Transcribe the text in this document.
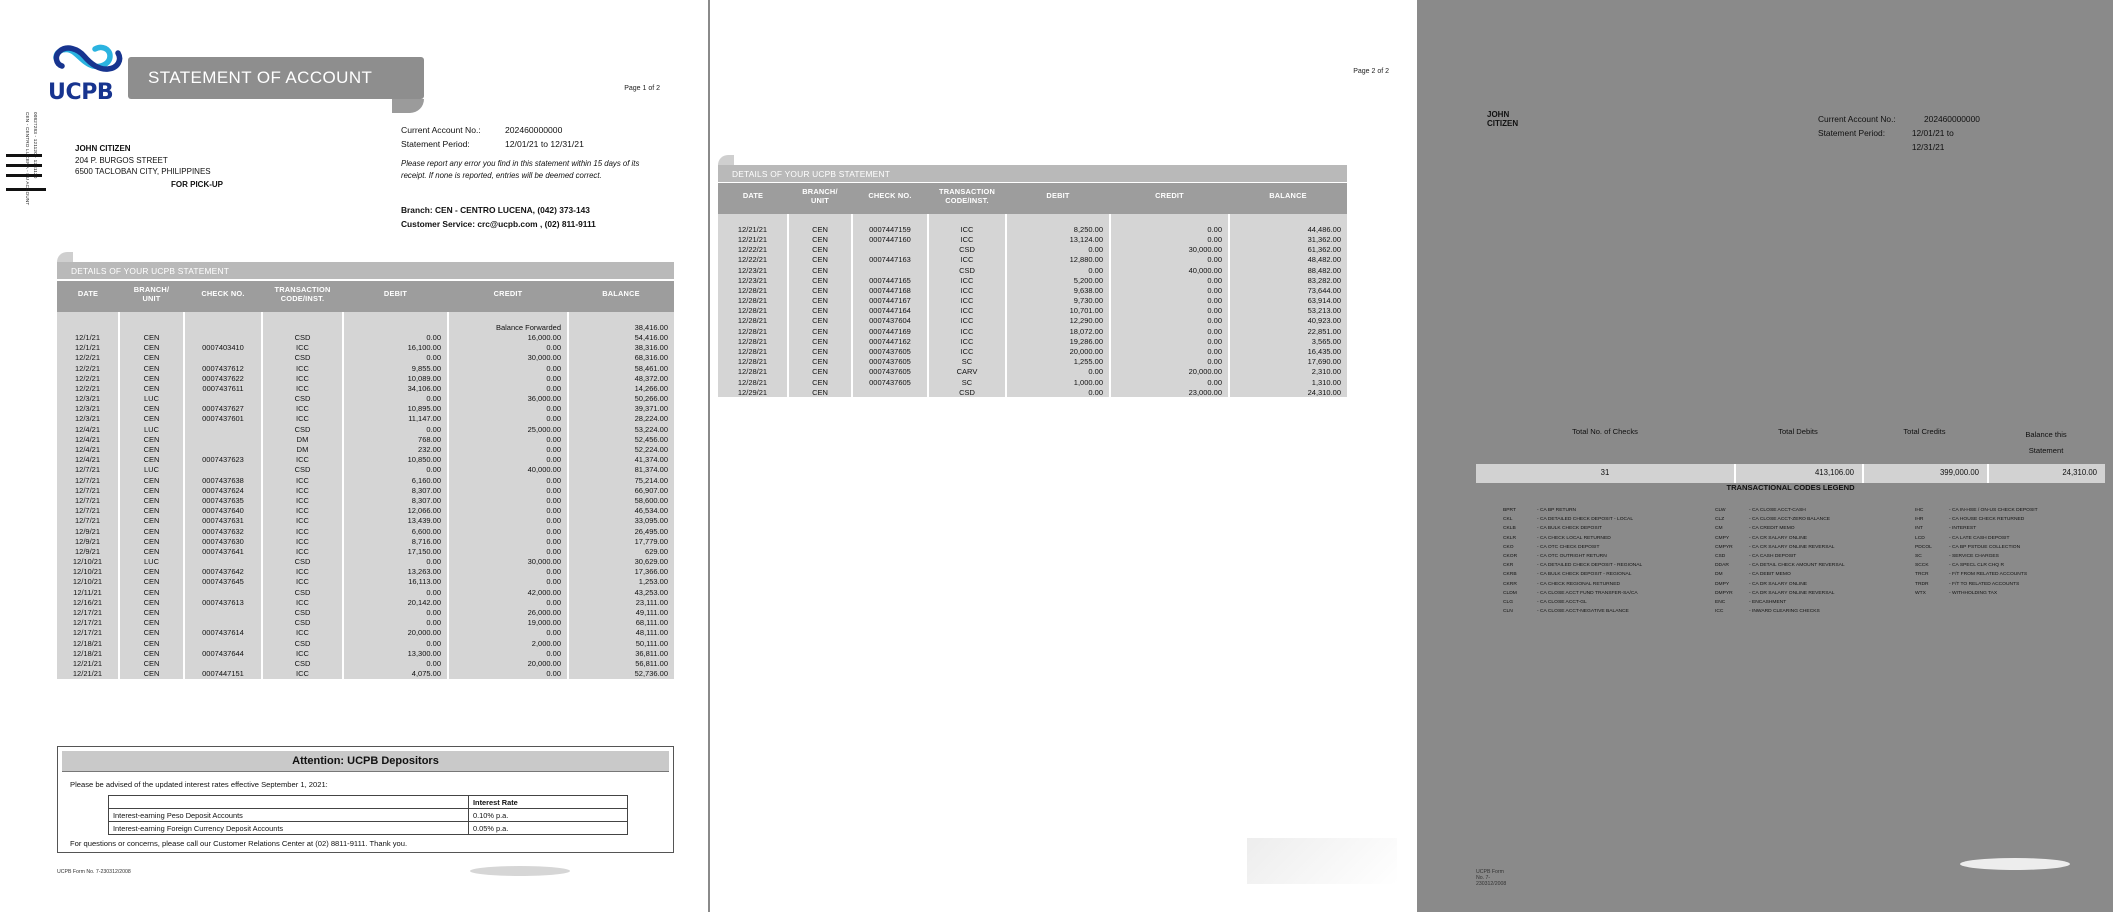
CEN - CENTRO LUCENA - PU ACCOUNT 00827283 - 121120 - 1231120
UCPB
STATEMENT OF ACCOUNT
Page 1 of 2
JOHN CITIZEN
204 P. BURGOS STREET
6500 TACLOBAN CITY, PHILIPPINES
FOR PICK-UP
Current Account No.:	202460000000
Statement Period:	12/01/21 to 12/31/21
Please report any error you find in this statement within 15 days of its receipt. If none is reported, entries will be deemed correct.
Branch: CEN - CENTRO LUCENA, (042) 373-143
Customer Service: crc@ucpb.com , (02) 811-9111
DETAILS OF YOUR UCPB STATEMENT
DATE	BRANCH/
UNIT	CHECK NO.	TRANSACTION
CODE/INST.	DEBIT	CREDIT	BALANCE

					Balance Forwarded	38,416.00
12/1/21	CEN		CSD	0.00	16,000.00	54,416.00
12/1/21	CEN	0007403410	ICC	16,100.00	0.00	38,316.00
12/2/21	CEN		CSD	0.00	30,000.00	68,316.00
12/2/21	CEN	0007437612	ICC	9,855.00	0.00	58,461.00
12/2/21	CEN	0007437622	ICC	10,089.00	0.00	48,372.00
12/2/21	CEN	0007437611	ICC	34,106.00	0.00	14,266.00
12/3/21	LUC		CSD	0.00	36,000.00	50,266.00
12/3/21	CEN	0007437627	ICC	10,895.00	0.00	39,371.00
12/3/21	CEN	0007437601	ICC	11,147.00	0.00	28,224.00
12/4/21	LUC		CSD	0.00	25,000.00	53,224.00
12/4/21	CEN		DM	768.00	0.00	52,456.00
12/4/21	CEN		DM	232.00	0.00	52,224.00
12/4/21	CEN	0007437623	ICC	10,850.00	0.00	41,374.00
12/7/21	LUC		CSD	0.00	40,000.00	81,374.00
12/7/21	CEN	0007437638	ICC	6,160.00	0.00	75,214.00
12/7/21	CEN	0007437624	ICC	8,307.00	0.00	66,907.00
12/7/21	CEN	0007437635	ICC	8,307.00	0.00	58,600.00
12/7/21	CEN	0007437640	ICC	12,066.00	0.00	46,534.00
12/7/21	CEN	0007437631	ICC	13,439.00	0.00	33,095.00
12/9/21	CEN	0007437632	ICC	6,600.00	0.00	26,495.00
12/9/21	CEN	0007437630	ICC	8,716.00	0.00	17,779.00
12/9/21	CEN	0007437641	ICC	17,150.00	0.00	629.00
12/10/21	LUC		CSD	0.00	30,000.00	30,629.00
12/10/21	CEN	0007437642	ICC	13,263.00	0.00	17,366.00
12/10/21	CEN	0007437645	ICC	16,113.00	0.00	1,253.00
12/11/21	CEN		CSD	0.00	42,000.00	43,253.00
12/16/21	CEN	0007437613	ICC	20,142.00	0.00	23,111.00
12/17/21	CEN		CSD	0.00	26,000.00	49,111.00
12/17/21	CEN		CSD	0.00	19,000.00	68,111.00
12/17/21	CEN	0007437614	ICC	20,000.00	0.00	48,111.00
12/18/21	CEN		CSD	0.00	2,000.00	50,111.00
12/18/21	CEN	0007437644	ICC	13,300.00	0.00	36,811.00
12/21/21	CEN		CSD	0.00	20,000.00	56,811.00
12/21/21	CEN	0007447151	ICC	4,075.00	0.00	52,736.00
Attention: UCPB Depositors

Please be advised of the updated interest rates effective September 1, 2021:

	Interest Rate
Interest-earning Peso Deposit Accounts	0.10% p.a.
Interest-earning Foreign Currency Deposit Accounts	0.05% p.a.
For questions or concerns, please call our Customer Relations Center at (02) 8811-9111. Thank you.
UCPB Form No. 7-230312/2008
Page 2 of 2
JOHN CITIZEN	Current Account No.:	202460000000
Statement Period:	12/01/21 to 12/31/21
DETAILS OF YOUR UCPB STATEMENT
DATE	BRANCH/
UNIT	CHECK NO.	TRANSACTION
CODE/INST.	DEBIT	CREDIT	BALANCE

12/21/21	CEN	0007447159	ICC	8,250.00	0.00	44,486.00
12/21/21	CEN	0007447160	ICC	13,124.00	0.00	31,362.00
12/22/21	CEN		CSD	0.00	30,000.00	61,362.00
12/22/21	CEN	0007447163	ICC	12,880.00	0.00	48,482.00
12/23/21	CEN		CSD	0.00	40,000.00	88,482.00
12/23/21	CEN	0007447165	ICC	5,200.00	0.00	83,282.00
12/28/21	CEN	0007447168	ICC	9,638.00	0.00	73,644.00
12/28/21	CEN	0007447167	ICC	9,730.00	0.00	63,914.00
12/28/21	CEN	0007447164	ICC	10,701.00	0.00	53,213.00
12/28/21	CEN	0007437604	ICC	12,290.00	0.00	40,923.00
12/28/21	CEN	0007447169	ICC	18,072.00	0.00	22,851.00
12/28/21	CEN	0007447162	ICC	19,286.00	0.00	3,565.00
12/28/21	CEN	0007437605	ICC	20,000.00	0.00	16,435.00
12/28/21	CEN	0007437605	SC	1,255.00	0.00	17,690.00
12/28/21	CEN	0007437605	CARV	0.00	20,000.00	2,310.00
12/28/21	CEN	0007437605	SC	1,000.00	0.00	1,310.00
12/29/21	CEN		CSD	0.00	23,000.00	24,310.00
Total No. of Checks	Total Debits	Total Credits	Balance this
Statement
31	413,106.00	399,000.00	24,310.00
TRANSACTIONAL CODES LEGEND
BPRT	- CA BP RETURN
CKL	- CA DETAILED CHECK DEPOSIT - LOCAL
CKLB	- CA BULK CHECK DEPOSIT
CKLR	- CA CHECK LOCAL RETURNED
CKO	- CA OTC CHECK DEPOSIT
CKOR	- CA OTC OUTRIGHT RETURN
CKR	- CA DETAILED CHECK DEPOSIT - REGIONAL
CKRB	- CA BULK CHECK DEPOSIT - REGIONAL
CKRR	- CA CHECK REGIONAL RETURNED
CLDM	- CA CLOSE ACCT FUND TRANSFER-SA/CA
CLG	- CA CLOSE ACCT-GL
CLN	- CA CLOSE ACCT-NEGATIVE BALANCE
CLW	- CA CLOSE ACCT-CASH
CLZ	- CA CLOSE ACCT-ZERO BALANCE
CM	- CA CREDIT MEMO
CMPY	- CA CR SALARY ONLINE
CMPYR	- CA CR SALARY ONLINE REVERSAL
CSD	- CA CASH DEPOSIT
DDAR	- CA DETAIL CHECK AMOUNT REVERSAL
DM	- CA DEBIT MEMO
DMPY	- CA DR SALARY ONLINE
DMPYR	- CA DR SALARY ONLINE REVERSAL
ENC	- ENCASHMENT
ICC	- INWARD CLEARING CHECKS
IHC	- CA IN-HSE / ON-US CHECK DEPOSIT
IHR	- CA HOUSE CHECK RETURNED
INT	- INTEREST
LCD	- CA LATE CASH DEPOSIT
PDCOL	- CA BP PSTDUE COLLECTION
SC	- SERVICE CHARGES
SCCK	- CA SPECL CLR CHQ R
TRCR	- F/T FROM RELATED ACCOUNTS
TRDR	- F/T TO RELATED ACCOUNTS
WTX	- WITHHOLDING TAX
UCPB Form No. 7-230312/2008
